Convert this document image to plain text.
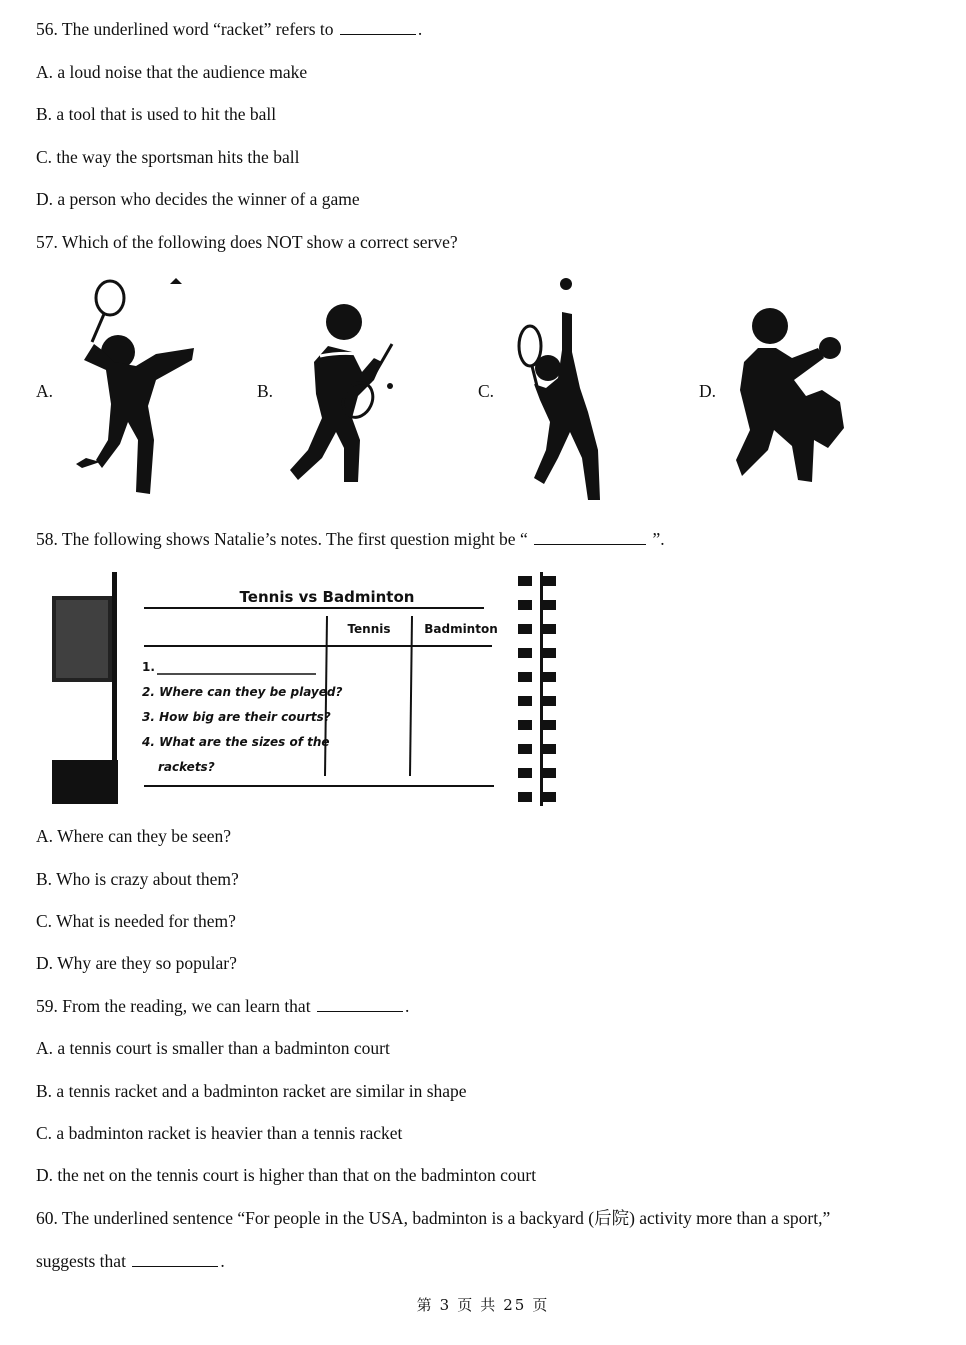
56. The underlined word “racket” refers to	.
A. a loud noise that the audience make
B. a tool that is used to hit the ball
C. the way the sportsman hits the ball
D. a person who decides the winner of a game
57. Which of the following does NOT show a correct serve?
A.	B.	C.	D.
58. The following shows Natalie’s notes. The first question might be “	”.
Tennis vs Badminton
Tennis	Badminton
1.
2. Where can they be played?
3. How big are their courts?
4. What are the sizes of the
rackets?
A. Where can they be seen?
B. Who is crazy about them?
C. What is needed for them?
D. Why are they so popular?
59. From the reading, we can learn that	.
A. a tennis court is smaller than a badminton court
B. a tennis racket and a badminton racket are similar in shape
C. a badminton racket is heavier than a tennis racket
D. the net on the tennis court is higher than that on the badminton court
60. The underlined sentence “For people in the USA, badminton is a backyard (后院) activity more than a sport,”
suggests that	.
第 3 页 共 25 页
